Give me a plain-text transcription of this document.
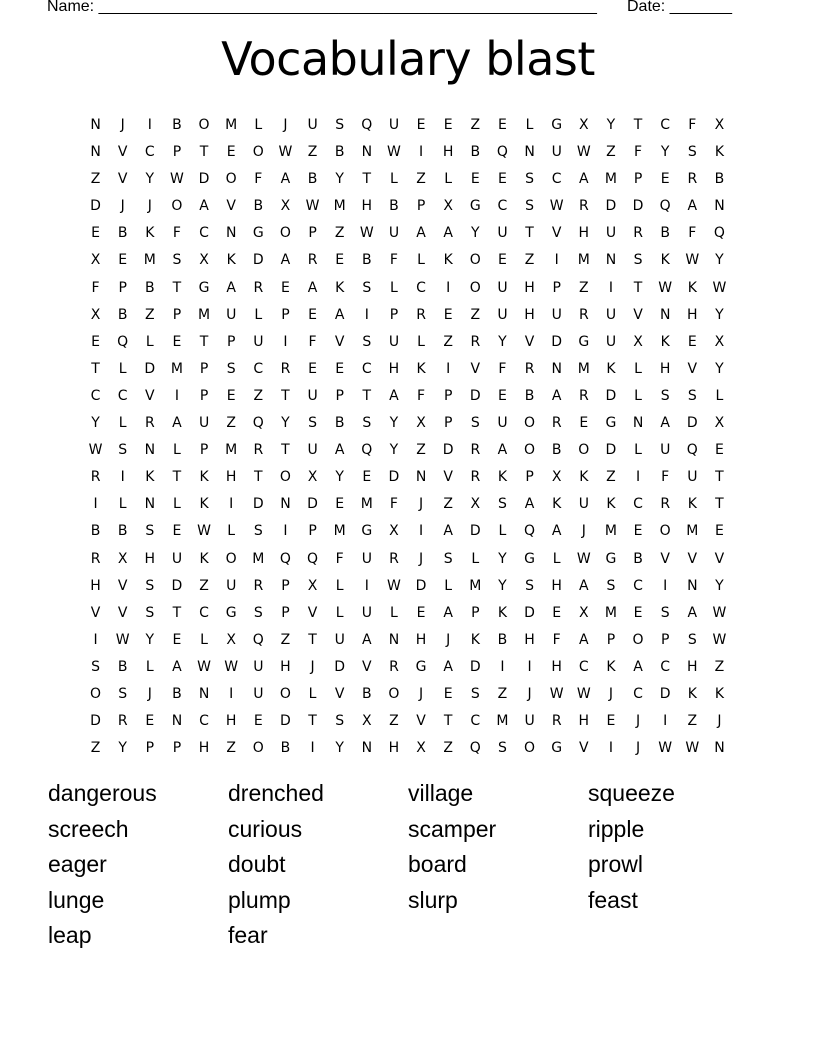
Name: ________________________________________________________ Date: _______
Vocabulary blast
N	J	I	B	O	M	L	J	U	S	Q	U	E	E	Z	E	L	G	X	Y	T	C	F	X
N	V	C	P	T	E	O	W	Z	B	N	W	I	H	B	Q	N	U	W	Z	F	Y	S	K
Z	V	Y	W	D	O	F	A	B	Y	T	L	Z	L	E	E	S	C	A	M	P	E	R	B
D	J	J	O	A	V	B	X	W	M	H	B	P	X	G	C	S	W	R	D	D	Q	A	N
E	B	K	F	C	N	G	O	P	Z	W	U	A	A	Y	U	T	V	H	U	R	B	F	Q
X	E	M	S	X	K	D	A	R	E	B	F	L	K	O	E	Z	I	M	N	S	K	W	Y
F	P	B	T	G	A	R	E	A	K	S	L	C	I	O	U	H	P	Z	I	T	W	K	W
X	B	Z	P	M	U	L	P	E	A	I	P	R	E	Z	U	H	U	R	U	V	N	H	Y
E	Q	L	E	T	P	U	I	F	V	S	U	L	Z	R	Y	V	D	G	U	X	K	E	X
T	L	D	M	P	S	C	R	E	E	C	H	K	I	V	F	R	N	M	K	L	H	V	Y
C	C	V	I	P	E	Z	T	U	P	T	A	F	P	D	E	B	A	R	D	L	S	S	L
Y	L	R	A	U	Z	Q	Y	S	B	S	Y	X	P	S	U	O	R	E	G	N	A	D	X
W	S	N	L	P	M	R	T	U	A	Q	Y	Z	D	R	A	O	B	O	D	L	U	Q	E
R	I	K	T	K	H	T	O	X	Y	E	D	N	V	R	K	P	X	K	Z	I	F	U	T
I	L	N	L	K	I	D	N	D	E	M	F	J	Z	X	S	A	K	U	K	C	R	K	T
B	B	S	E	W	L	S	I	P	M	G	X	I	A	D	L	Q	A	J	M	E	O	M	E
R	X	H	U	K	O	M	Q	Q	F	U	R	J	S	L	Y	G	L	W	G	B	V	V	V
H	V	S	D	Z	U	R	P	X	L	I	W	D	L	M	Y	S	H	A	S	C	I	N	Y
V	V	S	T	C	G	S	P	V	L	U	L	E	A	P	K	D	E	X	M	E	S	A	W
I	W	Y	E	L	X	Q	Z	T	U	A	N	H	J	K	B	H	F	A	P	O	P	S	W
S	B	L	A	W W	U	H	J	D	V	R	G	A	D	I	I	H	C	K	A	C	H	Z
O	S	J	B	N	I	U	O	L	V	B	O	J	E	S	Z	J	W W	J	C	D	K	K
D	R	E	N	C	H	E	D	T	S	X	Z	V	T	C	M	U	R	H	E	J	I	Z	J
Z	Y	P	P	H	Z	O	B	I	Y	N	H	X	Z	Q	S	O	G	V	I	J	W W	N
dangerous	drenched	village	squeeze
screech	curious	scamper	ripple
eager	doubt	board	prowl
lunge	plump	slurp	feast
leap	fear
